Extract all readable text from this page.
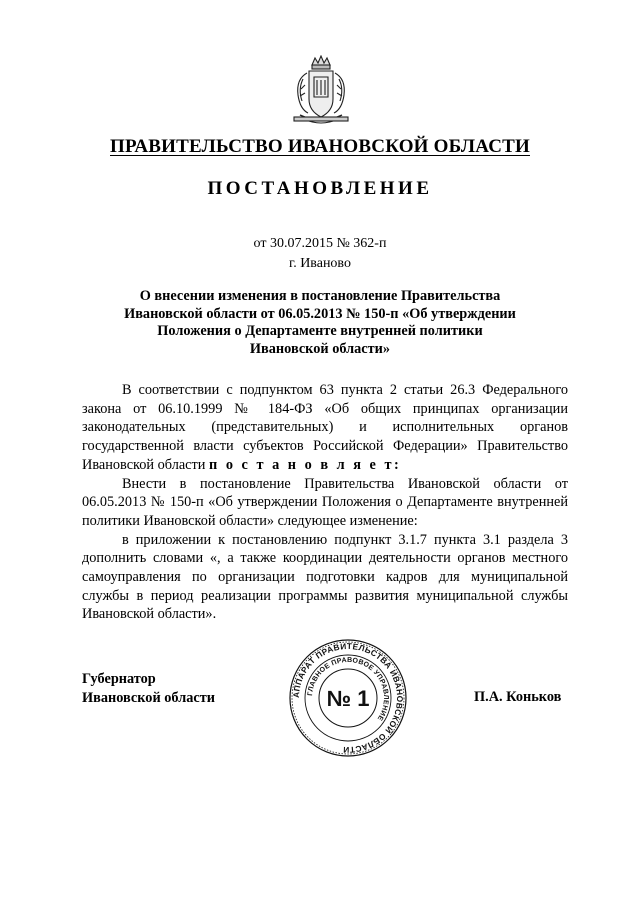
ПРАВИТЕЛЬСТВО ИВАНОВСКОЙ ОБЛАСТИ
ПОСТАНОВЛЕНИЕ
от 30.07.2015 № 362-п
г. Иваново
О внесении изменения в постановление Правительства
Ивановской области от 06.05.2013 № 150-п «Об утверждении
Положения о Департаменте внутренней политики
Ивановской области»

В соответствии с подпунктом 63 пункта 2 статьи 26.3 Федерального закона от 06.10.1999 № 184-ФЗ «Об общих принципах организации законодательных (представительных) и исполнительных органов государственной власти субъектов Российской Федерации» Правительство Ивановской области п о с т а н о в л я е т:

Внести в постановление Правительства Ивановской области от 06.05.2013 № 150-п «Об утверждении Положения о Департаменте внутренней политики Ивановской области» следующее изменение:

в приложении к постановлению подпункт 3.1.7 пункта 3.1 раздела 3 дополнить словами «, а также координации деятельности органов местного самоуправления по организации подготовки кадров для муниципальной службы в период реализации программы развития муниципальной службы Ивановской области».

Губернатор
Ивановской области	АППАРАТ ПРАВИТЕЛЬСТВА ИВАНОВСКОЙ ОБЛАСТИ
ГЛАВНОЕ ПРАВОВОЕ УПРАВЛЕНИЕ
№ 1	П.А. Коньков
